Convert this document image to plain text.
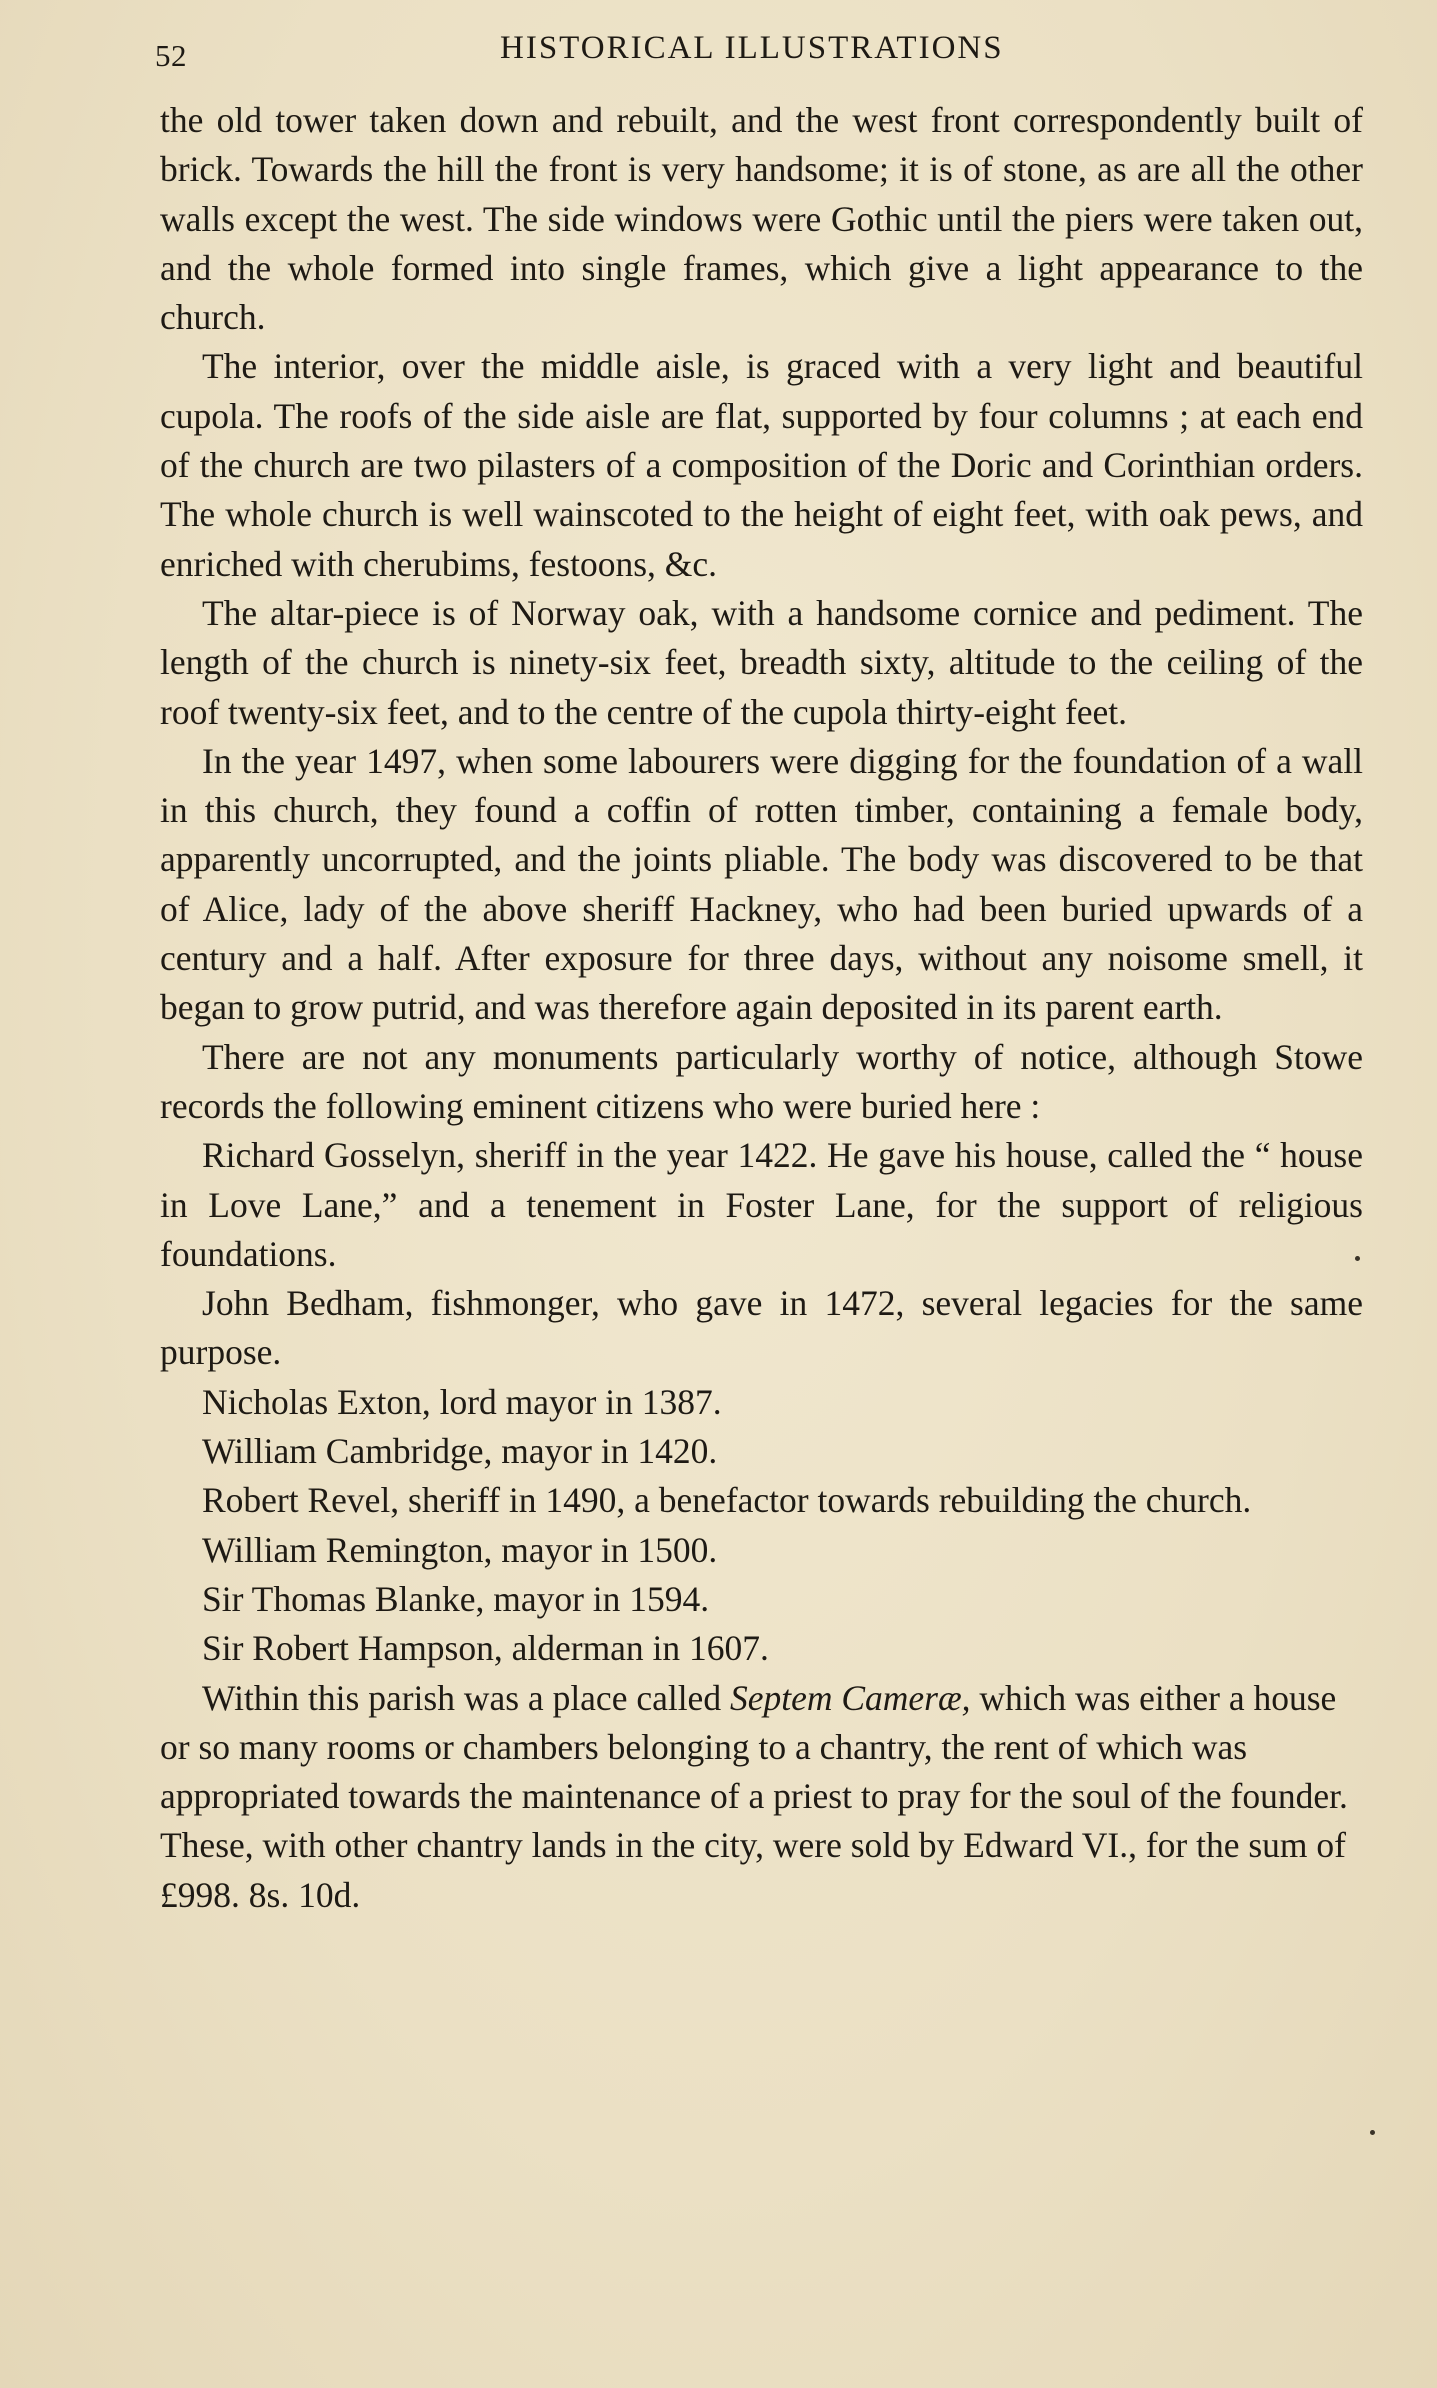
52	HISTORICAL ILLUSTRATIONS

the old tower taken down and rebuilt, and the west front correspondently built of brick. Towards the hill the front is very handsome; it is of stone, as are all the other walls except the west. The side windows were Gothic until the piers were taken out, and the whole formed into single frames, which give a light appearance to the church.

The interior, over the middle aisle, is graced with a very light and beautiful cupola. The roofs of the side aisle are flat, supported by four columns ; at each end of the church are two pilasters of a composition of the Doric and Corinthian orders. The whole church is well wainscoted to the height of eight feet, with oak pews, and enriched with cherubims, festoons, &c.

The altar-piece is of Norway oak, with a handsome cornice and pediment. The length of the church is ninety-six feet, breadth sixty, altitude to the ceiling of the roof twenty-six feet, and to the centre of the cupola thirty-eight feet.

In the year 1497, when some labourers were digging for the foundation of a wall in this church, they found a coffin of rotten timber, containing a female body, apparently uncorrupted, and the joints pliable. The body was discovered to be that of Alice, lady of the above sheriff Hackney, who had been buried upwards of a century and a half. After exposure for three days, without any noisome smell, it began to grow putrid, and was therefore again deposited in its parent earth.

There are not any monuments particularly worthy of notice, although Stowe records the following eminent citizens who were buried here :

Richard Gosselyn, sheriff in the year 1422. He gave his house, called the “ house in Love Lane,” and a tenement in Foster Lane, for the support of religious foundations.

John Bedham, fishmonger, who gave in 1472, several legacies for the same purpose.

Nicholas Exton, lord mayor in 1387.

William Cambridge, mayor in 1420.

Robert Revel, sheriff in 1490, a benefactor towards rebuilding the church.

William Remington, mayor in 1500.

Sir Thomas Blanke, mayor in 1594.

Sir Robert Hampson, alderman in 1607.

Within this parish was a place called Septem Cameræ, which was either a house or so many rooms or chambers belonging to a chantry, the rent of which was appropriated towards the maintenance of a priest to pray for the soul of the founder. These, with other chantry lands in the city, were sold by Edward VI., for the sum of £998. 8s. 10d.
